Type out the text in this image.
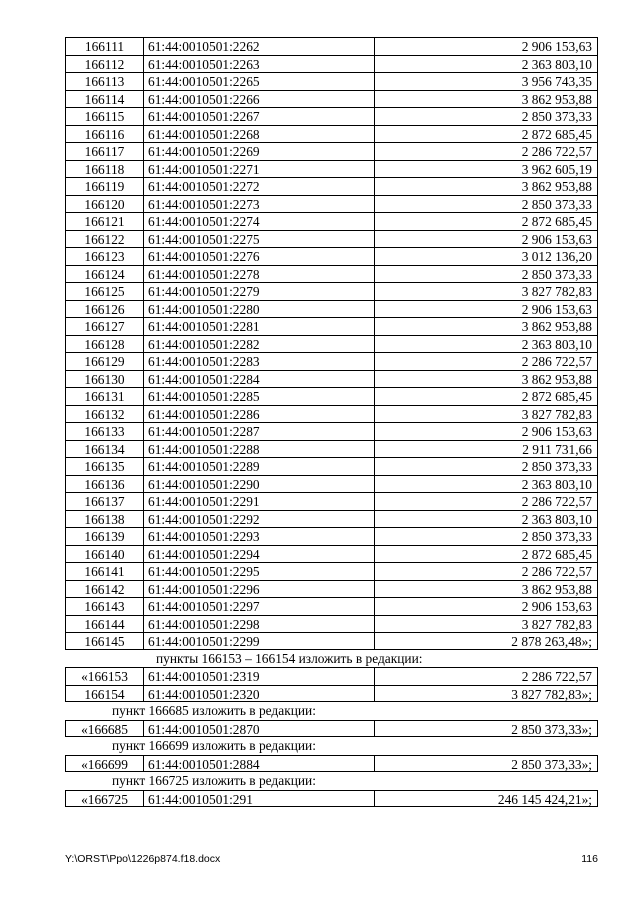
166111	61:44:0010501:2262	2 906 153,63
166112	61:44:0010501:2263	2 363 803,10
166113	61:44:0010501:2265	3 956 743,35
166114	61:44:0010501:2266	3 862 953,88
166115	61:44:0010501:2267	2 850 373,33
166116	61:44:0010501:2268	2 872 685,45
166117	61:44:0010501:2269	2 286 722,57
166118	61:44:0010501:2271	3 962 605,19
166119	61:44:0010501:2272	3 862 953,88
166120	61:44:0010501:2273	2 850 373,33
166121	61:44:0010501:2274	2 872 685,45
166122	61:44:0010501:2275	2 906 153,63
166123	61:44:0010501:2276	3 012 136,20
166124	61:44:0010501:2278	2 850 373,33
166125	61:44:0010501:2279	3 827 782,83
166126	61:44:0010501:2280	2 906 153,63
166127	61:44:0010501:2281	3 862 953,88
166128	61:44:0010501:2282	2 363 803,10
166129	61:44:0010501:2283	2 286 722,57
166130	61:44:0010501:2284	3 862 953,88
166131	61:44:0010501:2285	2 872 685,45
166132	61:44:0010501:2286	3 827 782,83
166133	61:44:0010501:2287	2 906 153,63
166134	61:44:0010501:2288	2 911 731,66
166135	61:44:0010501:2289	2 850 373,33
166136	61:44:0010501:2290	2 363 803,10
166137	61:44:0010501:2291	2 286 722,57
166138	61:44:0010501:2292	2 363 803,10
166139	61:44:0010501:2293	2 850 373,33
166140	61:44:0010501:2294	2 872 685,45
166141	61:44:0010501:2295	2 286 722,57
166142	61:44:0010501:2296	3 862 953,88
166143	61:44:0010501:2297	2 906 153,63
166144	61:44:0010501:2298	3 827 782,83
166145	61:44:0010501:2299	2 878 263,48»;
пункты 166153 – 166154 изложить в редакции:
«166153	61:44:0010501:2319	2 286 722,57
166154	61:44:0010501:2320	3 827 782,83»;
пункт 166685 изложить в редакции:
«166685	61:44:0010501:2870	2 850 373,33»;
пункт 166699 изложить в редакции:
«166699	61:44:0010501:2884	2 850 373,33»;
пункт 166725 изложить в редакции:
«166725	61:44:0010501:291	246 145 424,21»;
Y:\ORST\Ppo\1226p874.f18.docx	116
